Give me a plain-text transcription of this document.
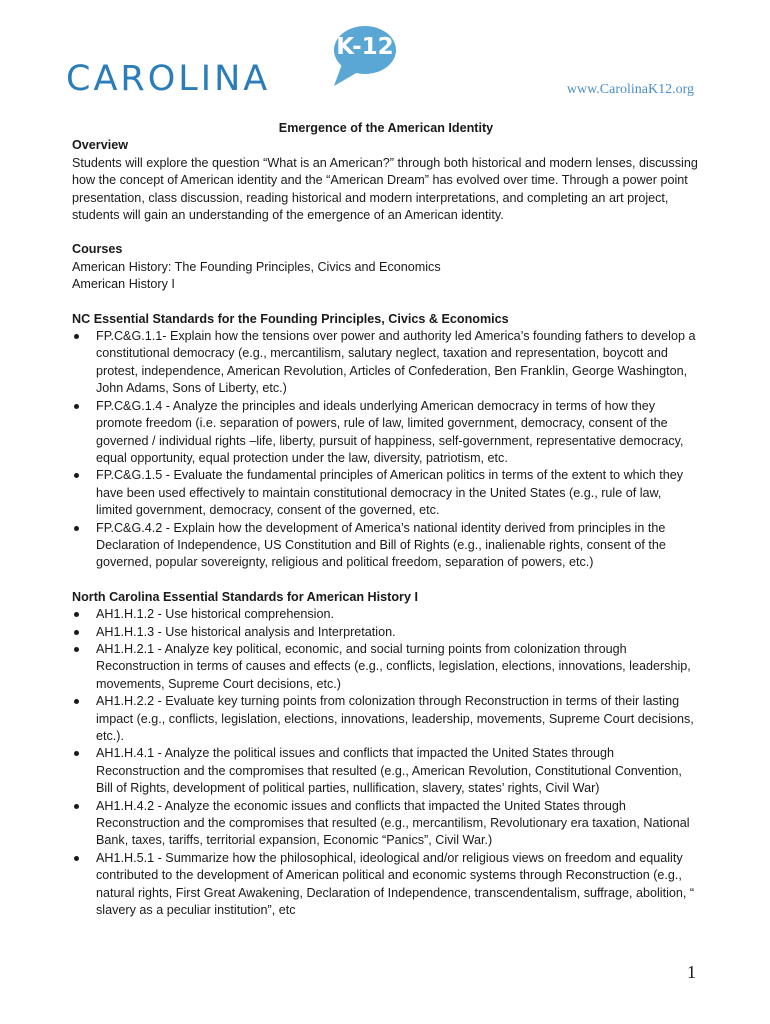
K-12
CAROLINA	www.CarolinaK12.org

Emergence of the American Identity

Overview

Students will explore the question “What is an American?” through both historical and modern lenses, discussing how the concept of American identity and the “American Dream” has evolved over time. Through a power point presentation, class discussion, reading historical and modern interpretations, and completing an art project, students will gain an understanding of the emergence of an American identity.

Courses

American History: The Founding Principles, Civics and Economics

American History I

NC Essential Standards for the Founding Principles, Civics & Economics

FP.C&G.1.1- Explain how the tensions over power and authority led America’s founding fathers to develop a constitutional democracy (e.g., mercantilism, salutary neglect, taxation and representation, boycott and protest, independence, American Revolution, Articles of Confederation, Ben Franklin, George Washington, John Adams, Sons of Liberty, etc.)
FP.C&G.1.4 - Analyze the principles and ideals underlying American democracy in terms of how they promote freedom (i.e. separation of powers, rule of law, limited government, democracy, consent of the governed / individual rights –life, liberty, pursuit of happiness, self-government, representative democracy, equal opportunity, equal protection under the law, diversity, patriotism, etc.
FP.C&G.1.5 - Evaluate the fundamental principles of American politics in terms of the extent to which they have been used effectively to maintain constitutional democracy in the United States (e.g., rule of law, limited government, democracy, consent of the governed, etc.
FP.C&G.4.2 - Explain how the development of America’s national identity derived from principles in the Declaration of Independence, US Constitution and Bill of Rights (e.g., inalienable rights, consent of the governed, popular sovereignty, religious and political freedom, separation of powers, etc.)

North Carolina Essential Standards for American History I

AH1.H.1.2 - Use historical comprehension.
AH1.H.1.3 - Use historical analysis and Interpretation.
AH1.H.2.1 - Analyze key political, economic, and social turning points from colonization through Reconstruction in terms of causes and effects (e.g., conflicts, legislation, elections, innovations, leadership, movements, Supreme Court decisions, etc.)
AH1.H.2.2 - Evaluate key turning points from colonization through Reconstruction in terms of their lasting impact (e.g., conflicts, legislation, elections, innovations, leadership, movements, Supreme Court decisions, etc.).
AH1.H.4.1 - Analyze the political issues and conflicts that impacted the United States through Reconstruction and the compromises that resulted (e.g., American Revolution, Constitutional Convention, Bill of Rights, development of political parties, nullification, slavery, states’ rights, Civil War)
AH1.H.4.2 - Analyze the economic issues and conflicts that impacted the United States through Reconstruction and the compromises that resulted (e.g., mercantilism, Revolutionary era taxation, National Bank, taxes, tariffs, territorial expansion, Economic “Panics”, Civil War.)
AH1.H.5.1 - Summarize how the philosophical, ideological and/or religious views on freedom and equality contributed to the development of American political and economic systems through Reconstruction (e.g., natural rights, First Great Awakening, Declaration of Independence, transcendentalism, suffrage, abolition, “ slavery as a peculiar institution”, etc
1
